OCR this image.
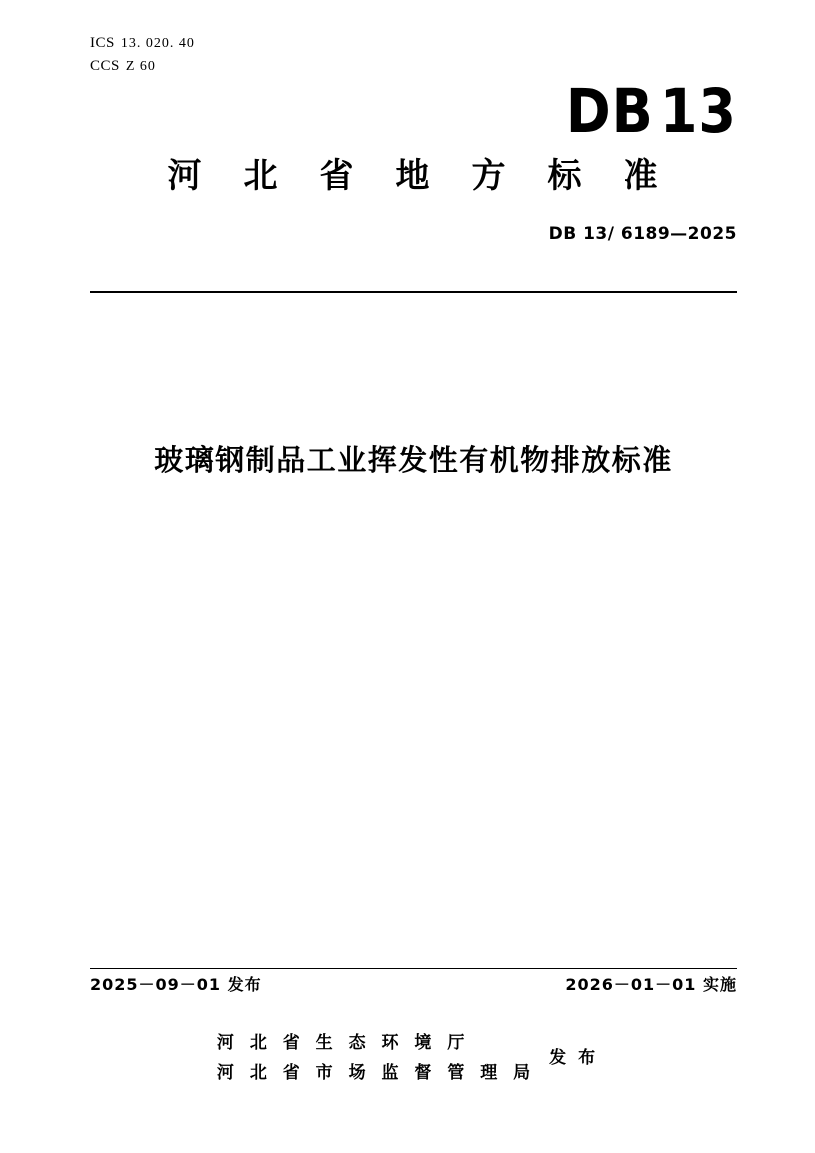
ICS 13. 020. 40
CCS Z 60
DB 13
河北省地方标准
DB 13/ 6189—2025
玻璃钢制品工业挥发性有机物排放标准
2025－09－01 发布	2026－01－01 实施
河 北 省 生 态 环 境 厅
河 北 省 市 场 监 督 管 理 局
发 布
